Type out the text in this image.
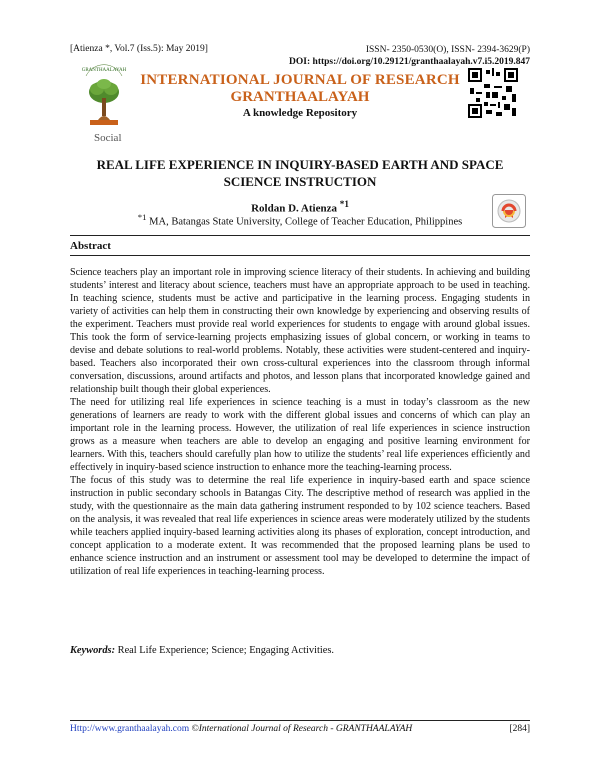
[Atienza *, Vol.7 (Iss.5): May 2019]	ISSN- 2350-0530(O), ISSN- 2394-3629(P)
DOI: https://doi.org/10.29121/granthaalayah.v7.i5.2019.847
GRANTHAALAYAH
INTERNATIONAL JOURNAL OF RESEARCH
GRANTHAALAYAH
A knowledge Repository
Social
REAL LIFE EXPERIENCE IN INQUIRY-BASED EARTH AND SPACE
SCIENCE INSTRUCTION
Roldan D. Atienza $^{*1}$
$^{*1}$ MA, Batangas State University, College of Teacher Education, Philippines
Abstract

Science teachers play an important role in improving science literacy of their students. In achieving and building students’ interest and literacy about science, teachers must have an appropriate approach to be used in teaching. In teaching science, students must be active and participative in the learning process. Engaging students in variety of activities can help them in constructing their own knowledge by experiencing and observing results of the experiment. Teachers must provide real world experiences for students to engage with around global issues. This took the form of service-learning projects emphasizing issues of global concern, or working in teams to devise and debate solutions to real-world problems. Notably, these activities were student-centered and inquiry-based. Teachers also incorporated their own cross-cultural experiences into the classroom through informal conversation, discussions, around artifacts and photos, and lesson plans that incorporated knowledge gained and relationship built though their global experiences.

The need for utilizing real life experiences in science teaching is a must in today’s classroom as the new generations of learners are ready to work with the different global issues and concerns of which can play an important role in the learning process. However, the utilization of real life experiences in science instruction grows as a measure when teachers are able to develop an engaging and positive learning environment for learners. With this, teachers should carefully plan how to utilize the students’ real life experiences efficiently and effectively in inquiry-based science instruction to enhance more the teaching-learning process.

The focus of this study was to determine the real life experience in inquiry-based earth and space science instruction in public secondary schools in Batangas City. The descriptive method of research was applied in the study, with the questionnaire as the main data gathering instrument responded to by 102 science teachers. Based on the analysis, it was revealed that real life experiences in science areas were moderately utilized by the students while teachers applied inquiry-based learning activities along its phases of exploration, concept introduction, and concept application to a moderate extent. It was recommended that the proposed learning plans be used to enhance science instruction and an instrument or assessment tool may be developed to determine the impact of utilization of real life experiences in teaching-learning process.

Keywords: Real Life Experience; Science; Engaging Activities.
Http://www.granthaalayah.com ©International Journal of Research - GRANTHAALAYAH	[284]
